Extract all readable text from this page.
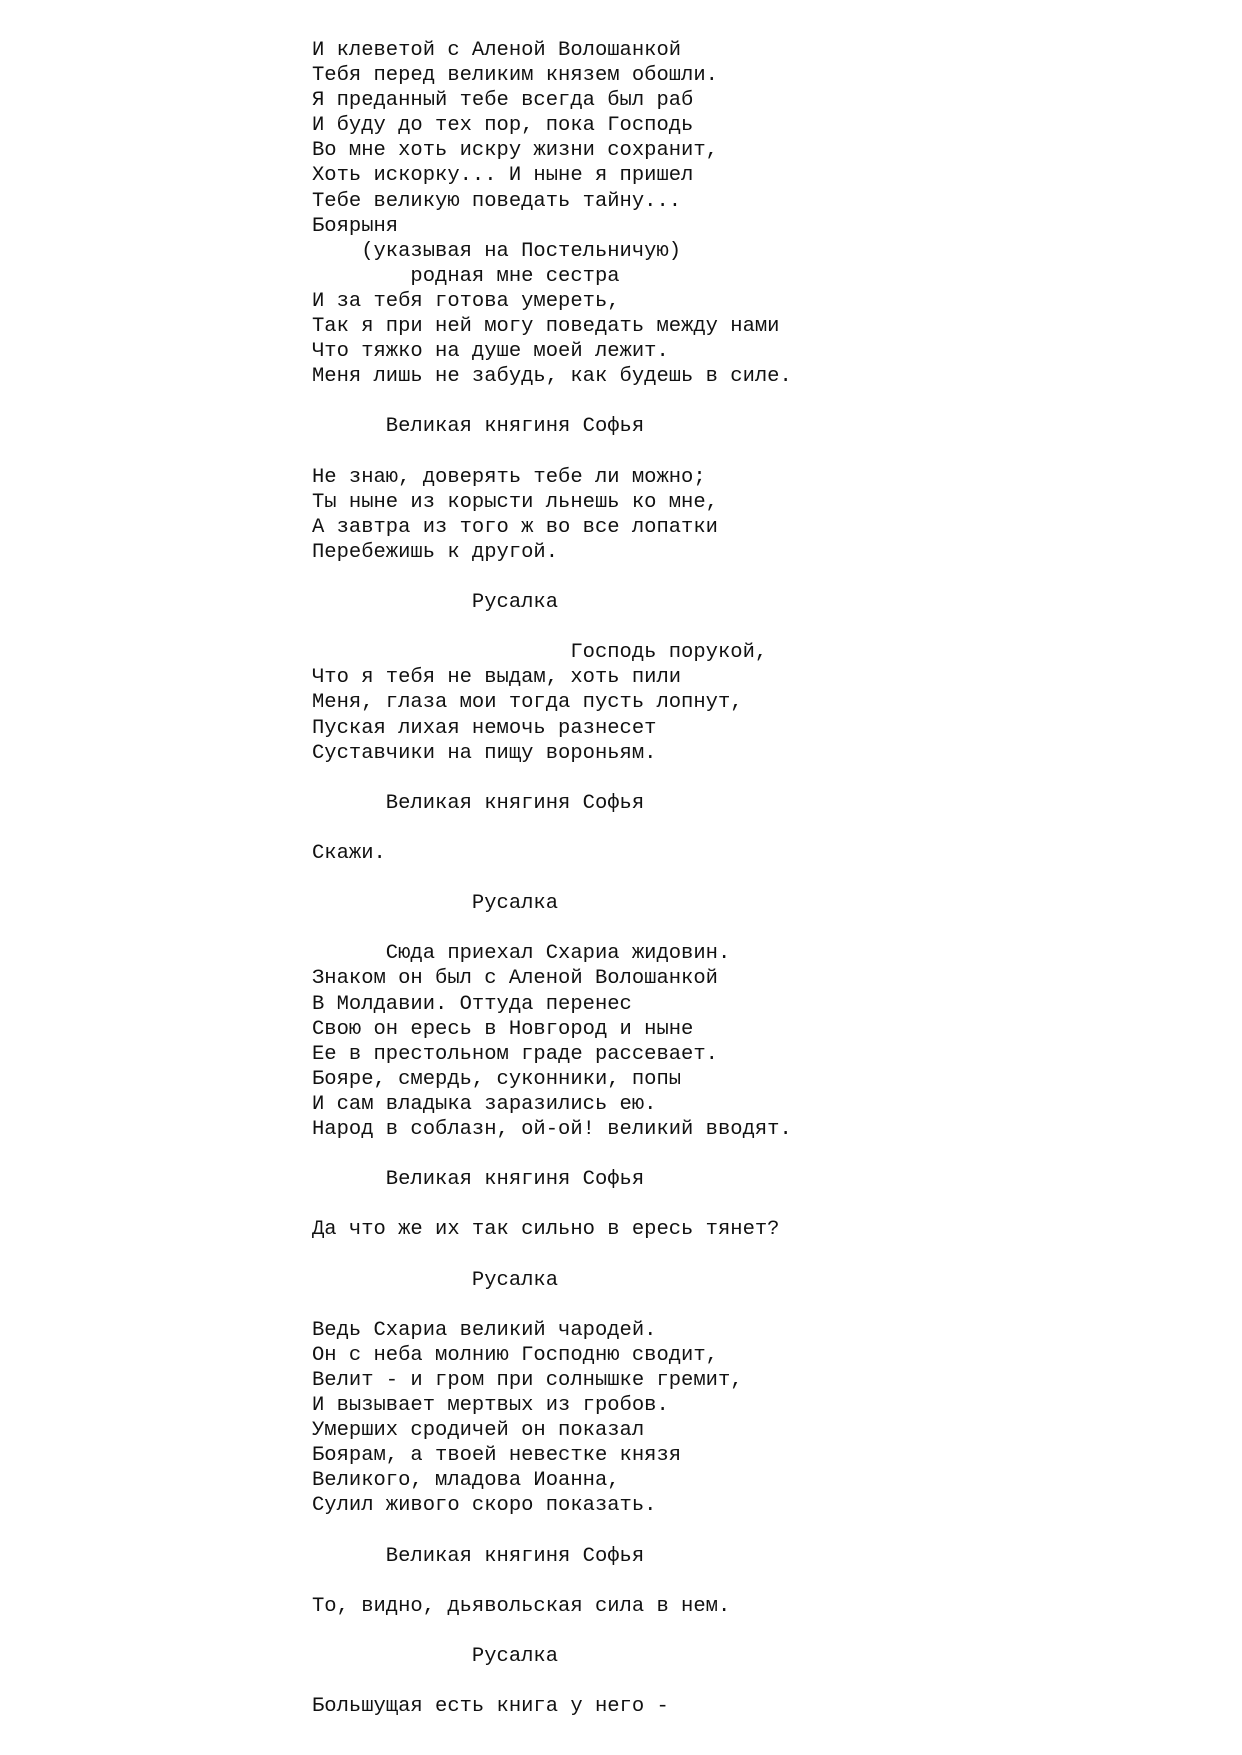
И клеветой с Аленой Волошанкой
Тебя перед великим князем обошли.
Я преданный тебе всегда был раб
И буду до тех пор, пока Господь
Во мне хоть искру жизни сохранит,
Хоть искорку... И ныне я пришел
Тебе великую поведать тайну...
Боярыня
(указывая на Постельничую)
родная мне сестра
И за тебя готова умереть,
Так я при ней могу поведать между нами
Что тяжко на душе моей лежит.
Меня лишь не забудь, как будешь в силе.
Великая княгиня Софья
Не знаю, доверять тебе ли можно;
Ты ныне из корысти льнешь ко мне,
А завтра из того ж во все лопатки
Перебежишь к другой.
Русалка
Господь порукой,
Что я тебя не выдам, хоть пили
Меня, глаза мои тогда пусть лопнут,
Пуская лихая немочь разнесет
Суставчики на пищу вороньям.
Великая княгиня Софья
Скажи.
Русалка
Сюда приехал Схариа жидовин.
Знаком он был с Аленой Волошанкой
В Молдавии. Оттуда перенес
Свою он ересь в Новгород и ныне
Ее в престольном граде рассевает.
Бояре, смердь, суконники, попы
И сам владыка заразились ею.
Народ в соблазн, ой-ой! великий вводят.
Великая княгиня Софья
Да что же их так сильно в ересь тянет?
Русалка
Ведь Схариа великий чародей.
Он с неба молнию Господню сводит,
Велит - и гром при солнышке гремит,
И вызывает мертвых из гробов.
Умерших сродичей он показал
Боярам, а твоей невестке князя
Великого, младова Иоанна,
Сулил живого скоро показать.
Великая княгиня Софья
То, видно, дьявольская сила в нем.
Русалка
Большущая есть книга у него -
